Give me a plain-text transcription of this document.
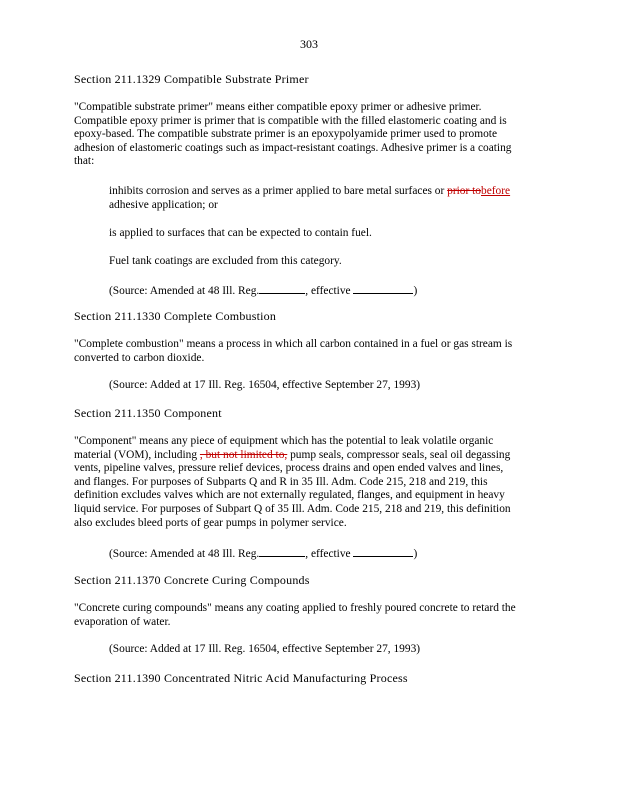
303
Section 211.1329 Compatible Substrate Primer
"Compatible substrate primer" means either compatible epoxy primer or adhesive primer.
Compatible epoxy primer is primer that is compatible with the filled elastomeric coating and is
epoxy-based. The compatible substrate primer is an epoxypolyamide primer used to promote
adhesion of elastomeric coatings such as impact-resistant coatings. Adhesive primer is a coating
that:
inhibits corrosion and serves as a primer applied to bare metal surfaces or prior tobefore
adhesive application; or
is applied to surfaces that can be expected to contain fuel.
Fuel tank coatings are excluded from this category.
(Source: Amended at 48 Ill. Reg.	, effective	)
Section 211.1330 Complete Combustion
"Complete combustion" means a process in which all carbon contained in a fuel or gas stream is
converted to carbon dioxide.
(Source: Added at 17 Ill. Reg. 16504, effective September 27, 1993)
Section 211.1350 Component
"Component" means any piece of equipment which has the potential to leak volatile organic
material (VOM), including , but not limited to, pump seals, compressor seals, seal oil degassing
vents, pipeline valves, pressure relief devices, process drains and open ended valves and lines,
and flanges. For purposes of Subparts Q and R in 35 Ill. Adm. Code 215, 218 and 219, this
definition excludes valves which are not externally regulated, flanges, and equipment in heavy
liquid service. For purposes of Subpart Q of 35 Ill. Adm. Code 215, 218 and 219, this definition
also excludes bleed ports of gear pumps in polymer service.
(Source: Amended at 48 Ill. Reg.	, effective	)
Section 211.1370 Concrete Curing Compounds
"Concrete curing compounds" means any coating applied to freshly poured concrete to retard the
evaporation of water.
(Source: Added at 17 Ill. Reg. 16504, effective September 27, 1993)
Section 211.1390 Concentrated Nitric Acid Manufacturing Process
